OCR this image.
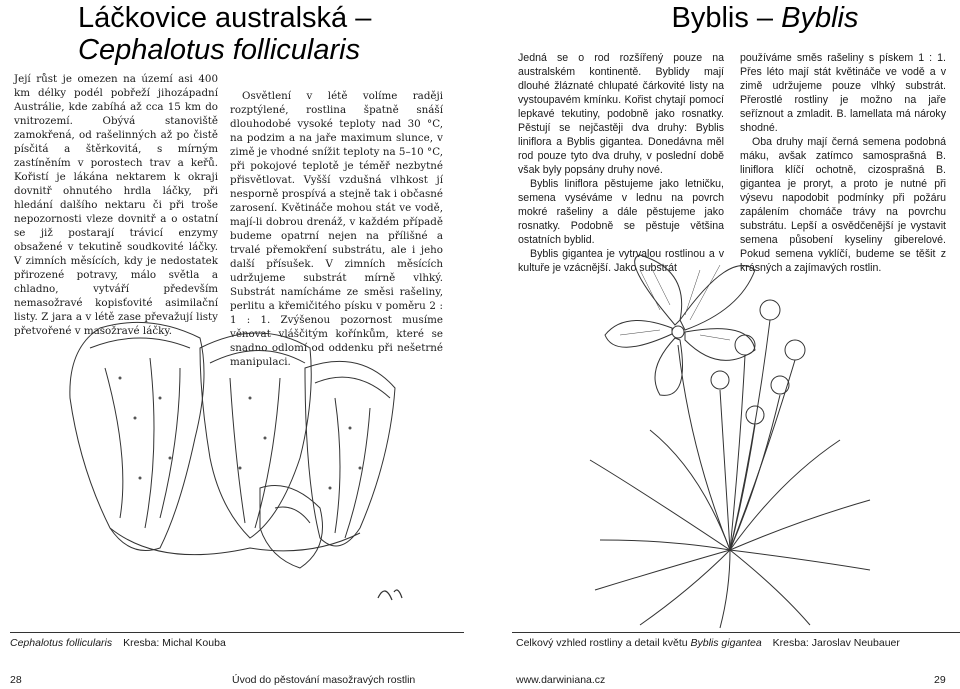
Láčkovice australská –
Cephalotus follicularis

Její růst je omezen na území asi 400 km délky podél pobřeží jihozápadní Austrálie, kde zabíhá až cca 15 km do vnitrozemí. Obývá stanoviště zamokřená, od rašelinných až po čistě písčitá a štěrkovitá, s mírným zastíněním v porostech trav a keřů. Kořistí je lákána nektarem k okraji dovnitř ohnutého hrdla láčky, při hledání dalšího nektaru či při troše nepozornosti vleze dovnitř a o ostatní se již postarají trávicí enzymy obsažené v tekutině soudkovité láčky. V zimních měsících, kdy je nedostatek přirozené potravy, málo světla a chladno, vytváří především nemasožravé kopisťovité asimilační listy. Z jara a v létě zase převažují listy přetvořené v masožravé láčky.

Osvětlení v létě volíme raději rozptýlené, rostlina špatně snáší dlouhodobé vysoké teploty nad 30 °C, na podzim a na jaře maximum slunce, v zimě je vhodné snížit teploty na 5–10 °C, při pokojové teplotě je téměř nezbytné přisvětlovat. Vyšší vzdušná vlhkost jí nesporně prospívá a stejně tak i občasné zarosení. Květináče mohou stát ve vodě, mají-li dobrou drenáž, v každém případě budeme opatrní nejen na přílišné a trvalé přemokření substrátu, ale i jeho další přísušek. V zimních měsících udržujeme substrát mírně vlhký. Substrát namícháme ze směsi rašeliny, perlitu a křemičitého písku v poměru 2 : 1 : 1. Zvýšenou pozornost musíme věnovat vláščitým kořínkům, které se snadno odlomí od oddenku při nešetrné manipulaci.

Cephalotus follicularis Kresba: Michal Kouba
28	Úvod do pěstování masožravých rostlin
Byblis – Byblis

Jedná se o rod rozšířený pouze na australském kontinentě. Byblidy mají dlouhé žláznaté chlupaté čárkovité listy na vystoupavém kmínku. Kořist chytají pomocí lepkavé tekutiny, podobně jako rosnatky. Pěstují se nejčastěji dva druhy: Byblis liniflora a Byblis gigantea. Donedávna měl rod pouze tyto dva druhy, v poslední době však byly popsány druhy nové.

Byblis liniflora pěstujeme jako letničku, semena vyséváme v lednu na povrch mokré rašeliny a dále pěstujeme jako rosnatky. Podobně se pěstuje většina ostatních byblid.

Byblis gigantea je vytrvalou rostlinou a v kultuře je vzácnější. Jako substrát

používáme směs rašeliny s pískem 1 : 1. Přes léto mají stát květináče ve vodě a v zimě udržujeme pouze vlhký substrát. Přerostlé rostliny je možno na jaře seříznout a zmladit. B. lamellata má nároky shodné.

Oba druhy mají černá semena podobná máku, avšak zatímco samosprašná B. liniflora klíčí ochotně, cizosprašná B. gigantea je proryt, a proto je nutné při výsevu napodobit podmínky při požáru zapálením chomáče trávy na povrchu substrátu. Lepší a osvědčenější je vystavit semena působení kyseliny giberelové. Pokud semena vyklíčí, budeme se těšit z krásných a zajímavých rostlin.

Celkový vzhled rostliny a detail květu Byblis gigantea Kresba: Jaroslav Neubauer
www.darwiniana.cz	29
